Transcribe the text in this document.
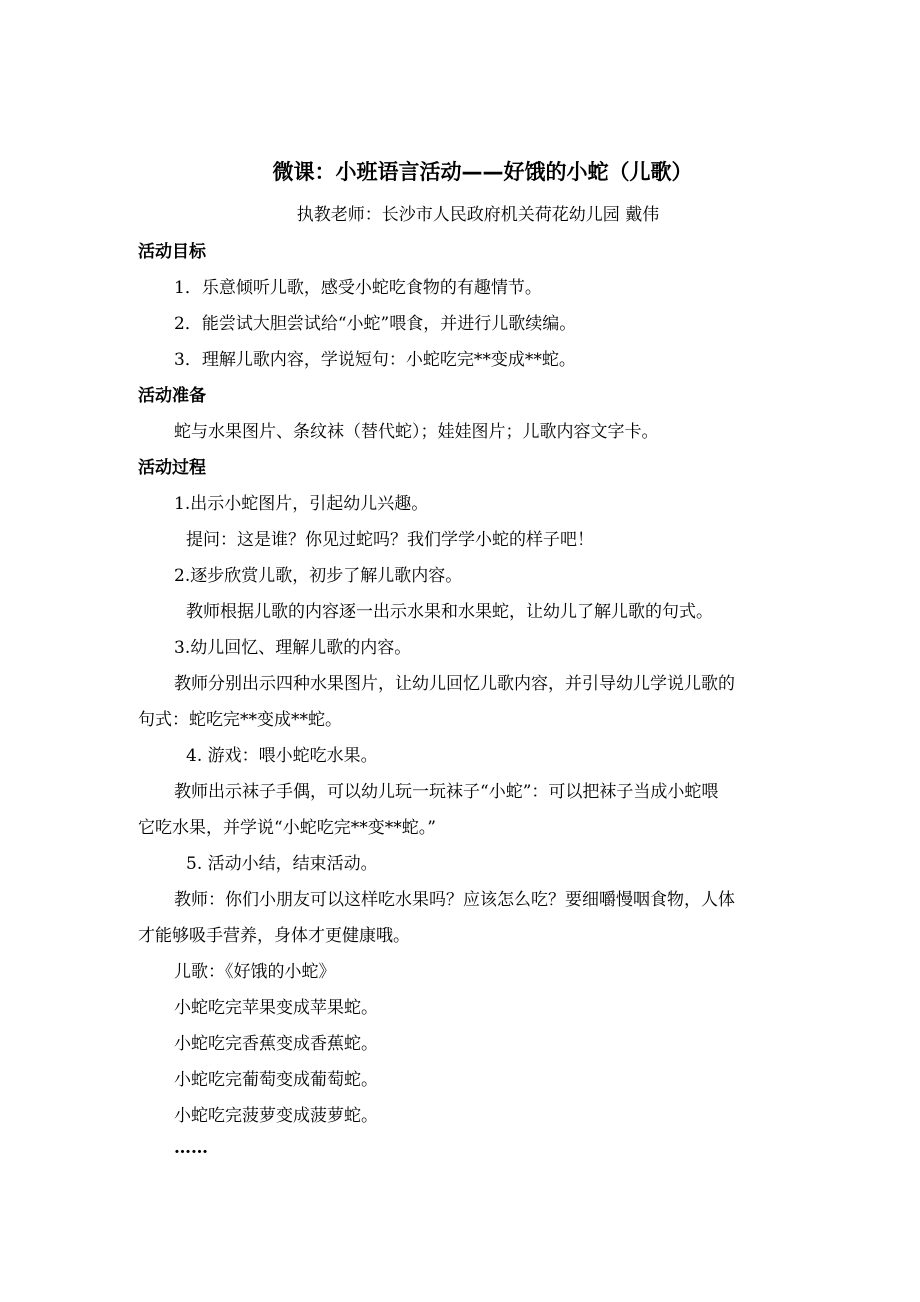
微课：小班语言活动——好饿的小蛇（儿歌）
执教老师：长沙市人民政府机关荷花幼儿园 戴伟
活动目标
1．乐意倾听儿歌，感受小蛇吃食物的有趣情节。
2．能尝试大胆尝试给“小蛇”喂食，并进行儿歌续编。
3．理解儿歌内容，学说短句：小蛇吃完**变成**蛇。
活动准备
蛇与水果图片、条纹袜（替代蛇）；娃娃图片；儿歌内容文字卡。
活动过程
1.出示小蛇图片，引起幼儿兴趣。
提问：这是谁？你见过蛇吗？我们学学小蛇的样子吧！
2.逐步欣赏儿歌，初步了解儿歌内容。
教师根据儿歌的内容逐一出示水果和水果蛇，让幼儿了解儿歌的句式。
3.幼儿回忆、理解儿歌的内容。
教师分别出示四种水果图片，让幼儿回忆儿歌内容，并引导幼儿学说儿歌的
句式：蛇吃完**变成**蛇。
4. 游戏：喂小蛇吃水果。
教师出示袜子手偶，可以幼儿玩一玩袜子“小蛇”：可以把袜子当成小蛇喂
它吃水果，并学说“小蛇吃完**变**蛇。”
5. 活动小结，结束活动。
教师：你们小朋友可以这样吃水果吗？应该怎么吃？要细嚼慢咽食物，人体
才能够吸手营养，身体才更健康哦。
儿歌：《好饿的小蛇》
小蛇吃完苹果变成苹果蛇。
小蛇吃完香蕉变成香蕉蛇。
小蛇吃完葡萄变成葡萄蛇。
小蛇吃完菠萝变成菠萝蛇。
……
